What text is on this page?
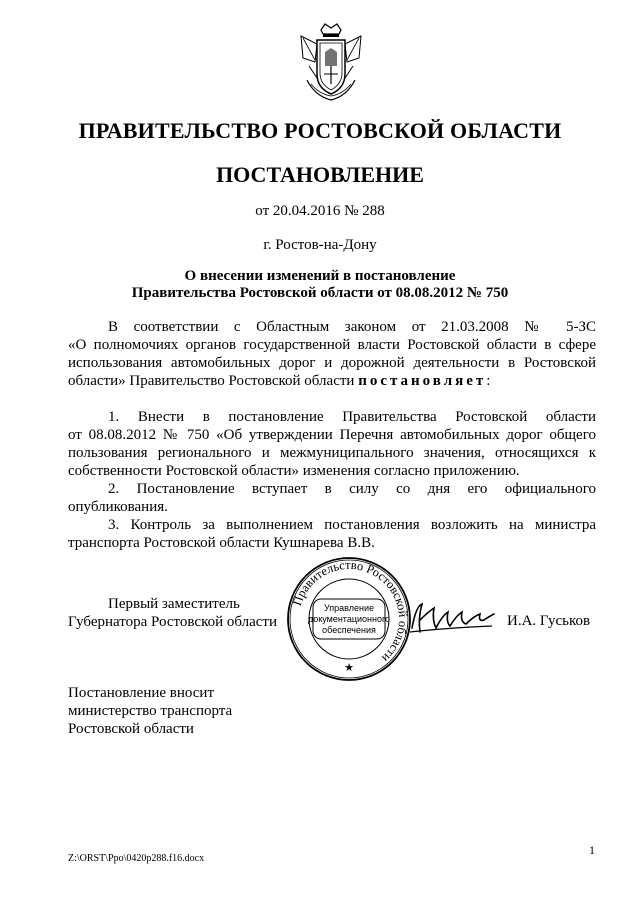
ПРАВИТЕЛЬСТВО РОСТОВСКОЙ ОБЛАСТИ
ПОСТАНОВЛЕНИЕ
от 20.04.2016 № 288
г. Ростов-на-Дону
О внесении изменений в постановление
Правительства Ростовской области от 08.08.2012 № 750
В соответствии с Областным законом от 21.03.2008 № 5-ЗС
«О полномочиях органов государственной власти Ростовской области в сфере
использования автомобильных дорог и дорожной деятельности в Ростовской
области» Правительство Ростовской области постановляет:
1. Внести в постановление Правительства Ростовской области
от 08.08.2012 № 750 «Об утверждении Перечня автомобильных дорог общего
пользования регионального и межмуниципального значения, относящихся к
собственности Ростовской области» изменения согласно приложению.
2. Постановление вступает в силу со дня его официального
опубликования.
3. Контроль за выполнением постановления возложить на министра
транспорта Ростовской области Кушнарева В.В.
Первый заместитель
Губернатора Ростовской области
Правительство Ростовской области
★
Управление
документационного
обеспечения
И.А. Гуськов
Постановление вносит
министерство транспорта
Ростовской области
1
Z:\ORST\Ppo\0420p288.f16.docx
